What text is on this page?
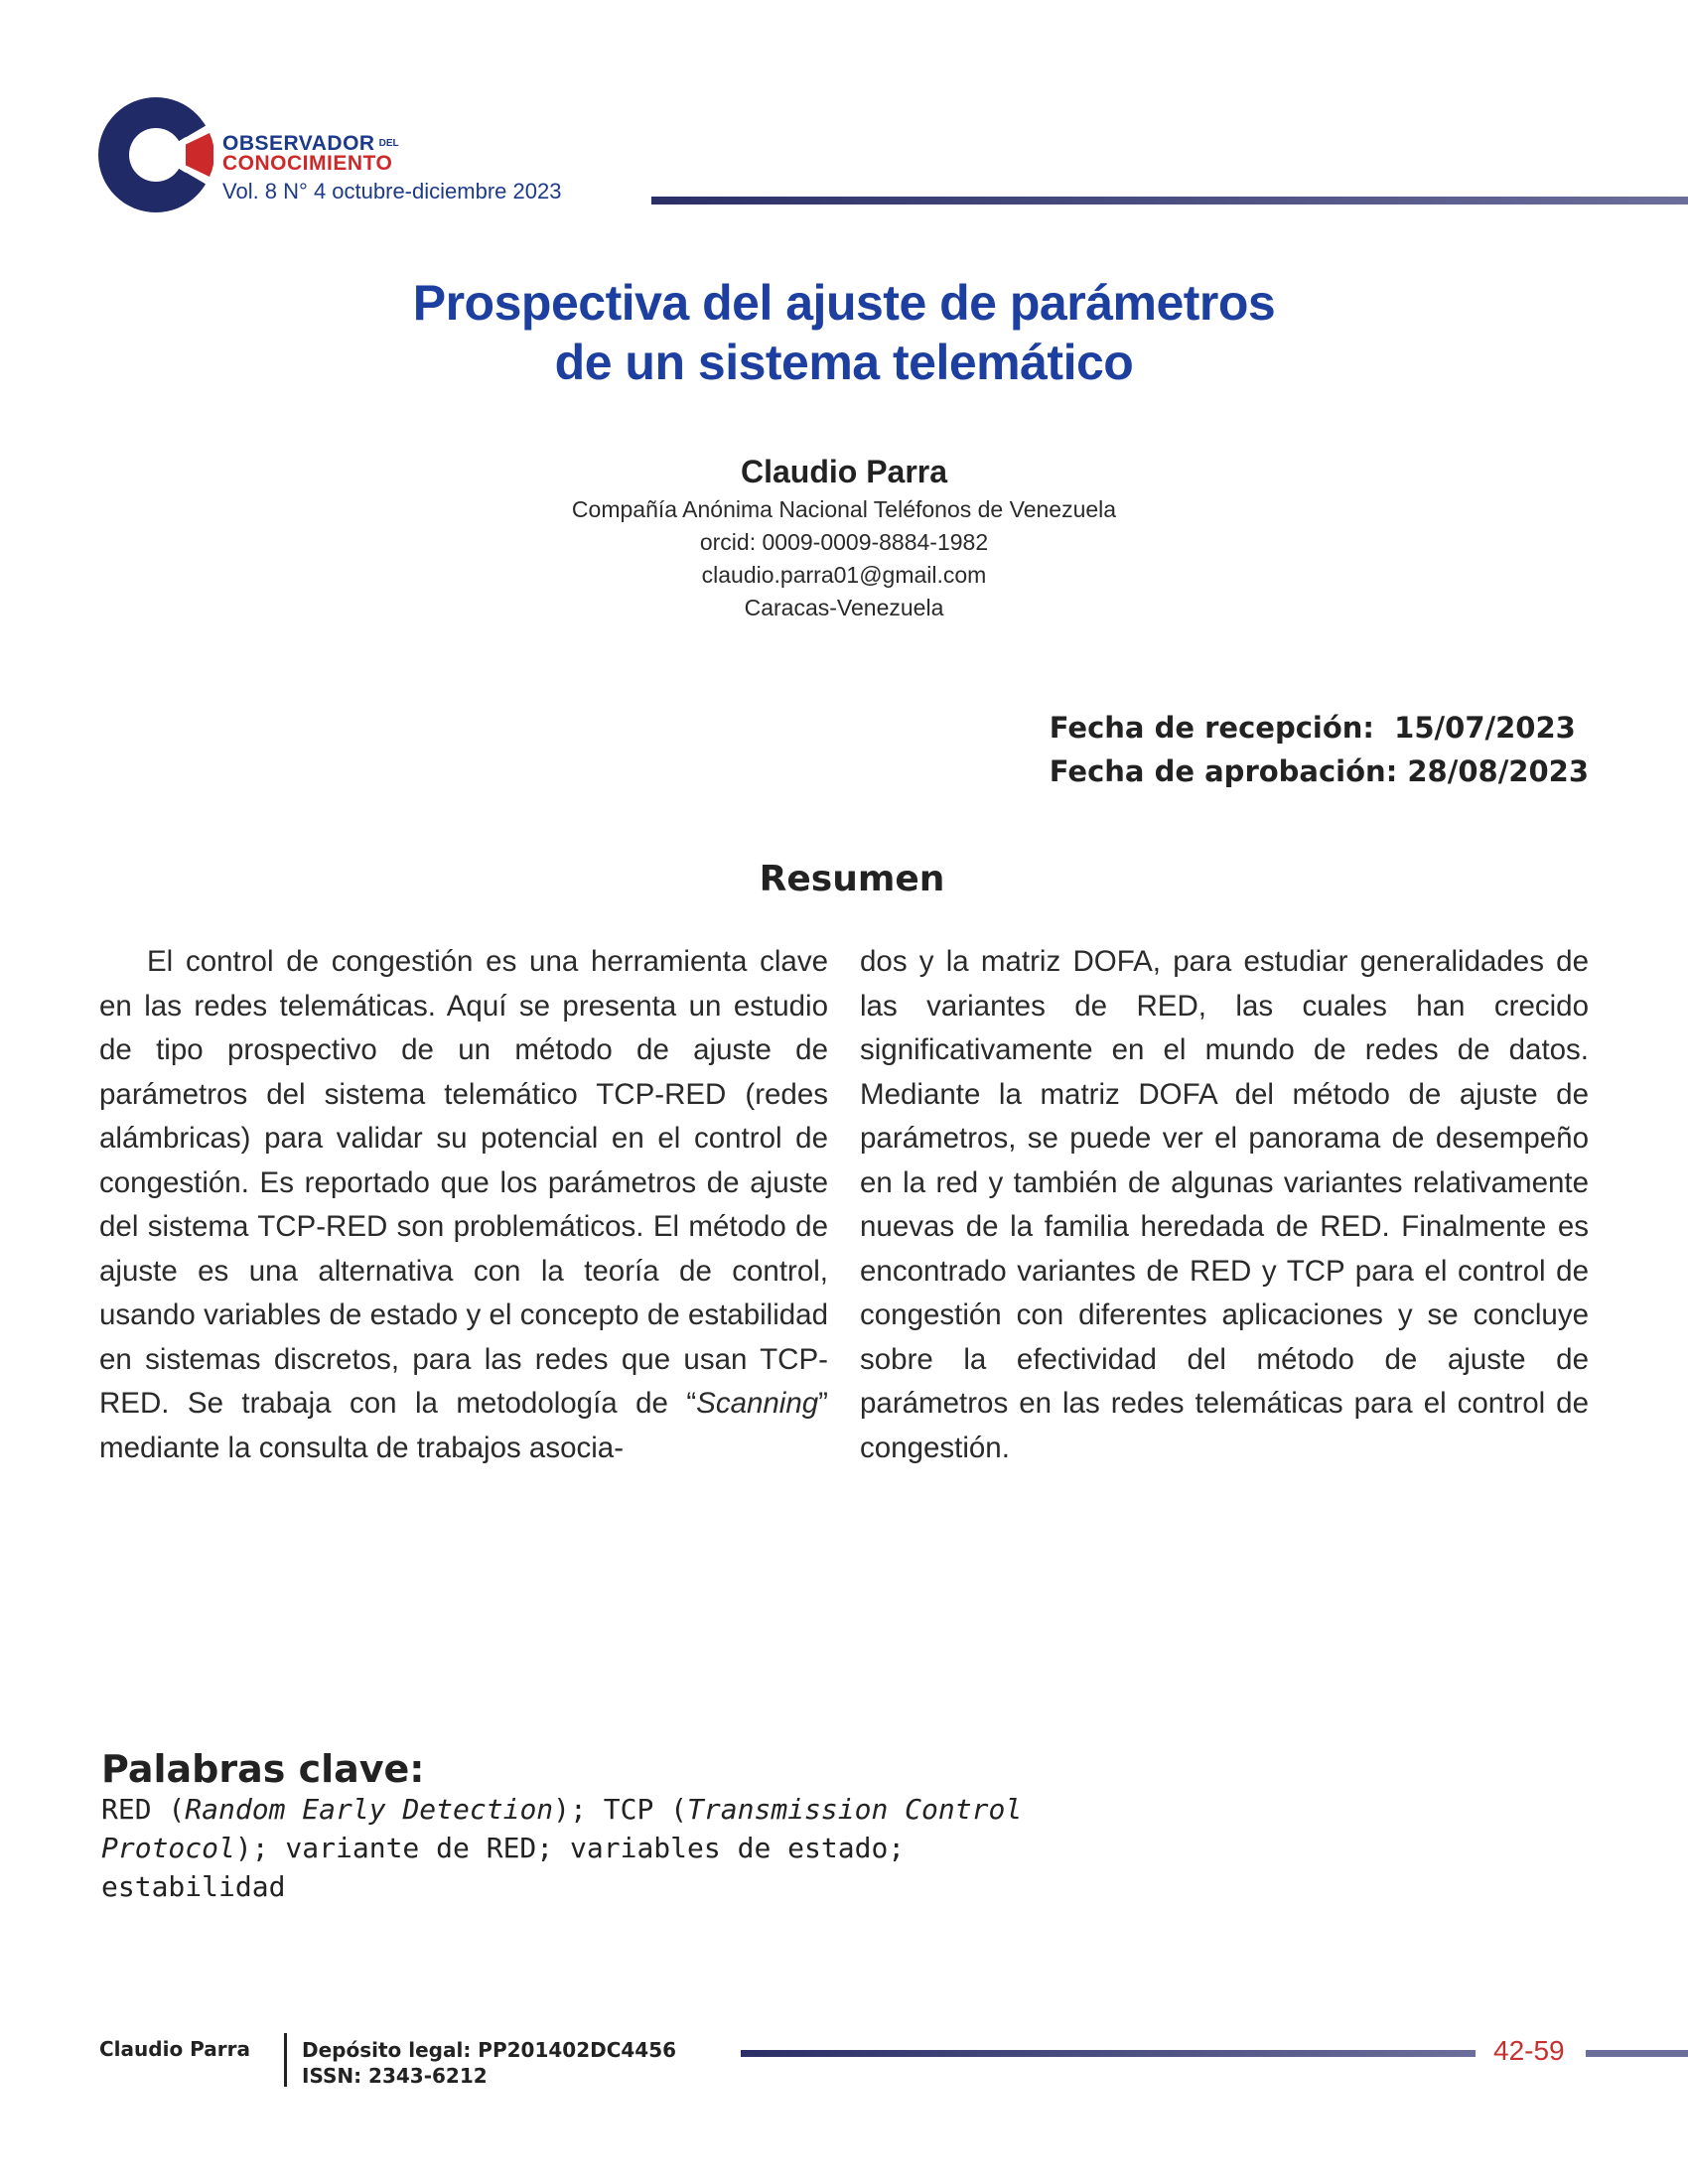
OBSERVADOR $^{DEL}$
CONOCIMIENTO
Vol. 8 N° 4 octubre-diciembre 2023
Prospectiva del ajuste de parámetros
de un sistema telemático
Claudio Parra
Compañía Anónima Nacional Teléfonos de Venezuela
orcid: 0009-0009-8884-1982
claudio.parra01@gmail.com
Caracas-Venezuela
Fecha de recepción:  15/07/2023
Fecha de aprobación: 28/08/2023
Resumen

El control de congestión es una herramienta clave en las redes telemáticas. Aquí se presenta un estudio de tipo prospectivo de un método de ajuste de parámetros del sistema telemático TCP-RED (redes alámbricas) para validar su potencial en el control de congestión. Es reportado que los parámetros de ajuste del sistema TCP-RED son problemáticos. El método de ajuste es una alternativa con la teoría de control, usando variables de estado y el concepto de estabilidad en sistemas discretos, para las redes que usan TCP-RED. Se trabaja con la metodología de “Scanning” mediante la consulta de trabajos asocia-

dos y la matriz DOFA, para estudiar generalidades de las variantes de RED, las cuales han crecido significativamente en el mundo de redes de datos. Mediante la matriz DOFA del método de ajuste de parámetros, se puede ver el panorama de desempeño en la red y también de algunas variantes relativamente nuevas de la familia heredada de RED. Finalmente es encontrado variantes de RED y TCP para el control de congestión con diferentes aplicaciones y se concluye sobre la efectividad del método de ajuste de parámetros en las redes telemáticas para el control de congestión.

Palabras clave:
RED (Random Early Detection); TCP (Transmission Control Protocol); variante de RED; variables de estado; estabilidad
Claudio Parra	Depósito legal: PP201402DC4456
ISSN: 2343-6212
42-59
